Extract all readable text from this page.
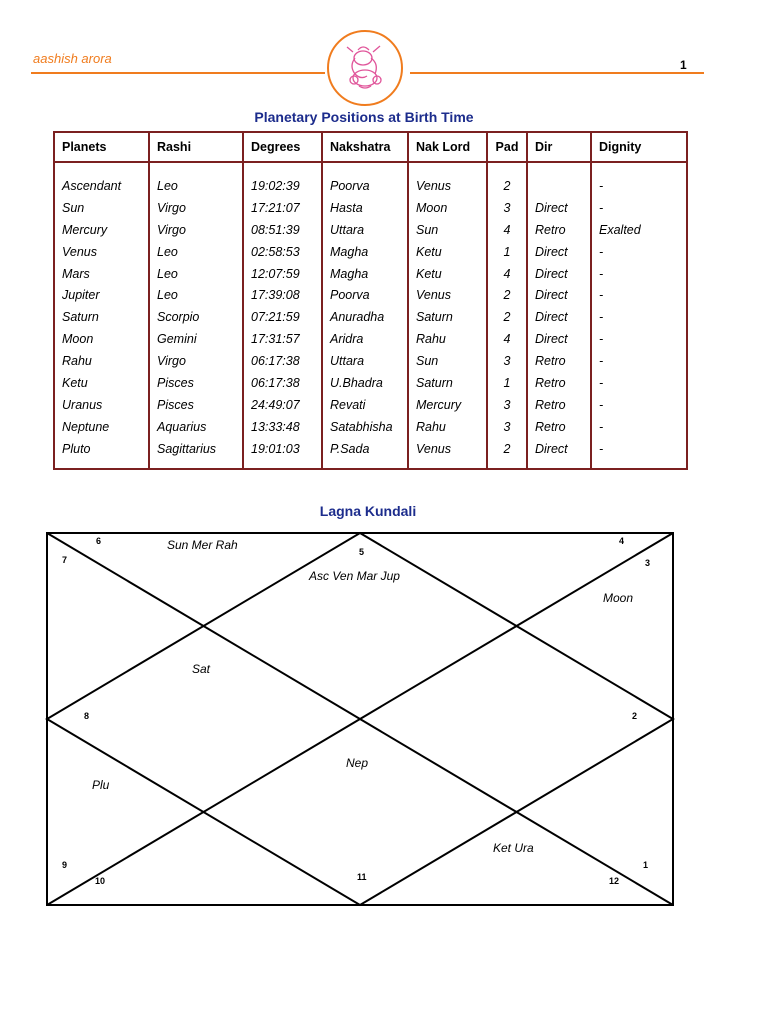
aashish arora	1
Planetary Positions at Birth Time
Planets	Rashi	Degrees	Nakshatra	Nak Lord	Pad	Dir	Dignity
Ascendant	Leo	19:02:39	Poorva	Venus	2		-
Sun	Virgo	17:21:07	Hasta	Moon	3	Direct	-
Mercury	Virgo	08:51:39	Uttara	Sun	4	Retro	Exalted
Venus	Leo	02:58:53	Magha	Ketu	1	Direct	-
Mars	Leo	12:07:59	Magha	Ketu	4	Direct	-
Jupiter	Leo	17:39:08	Poorva	Venus	2	Direct	-
Saturn	Scorpio	07:21:59	Anuradha	Saturn	2	Direct	-
Moon	Gemini	17:31:57	Aridra	Rahu	4	Direct	-
Rahu	Virgo	06:17:38	Uttara	Sun	3	Retro	-
Ketu	Pisces	06:17:38	U.Bhadra	Saturn	1	Retro	-
Uranus	Pisces	24:49:07	Revati	Mercury	3	Retro	-
Neptune	Aquarius	13:33:48	Satabhisha	Rahu	3	Retro	-
Pluto	Sagittarius	19:01:03	P.Sada	Venus	2	Direct	-
Lagna Kundali
5
6
7
4
3
8	2
9
10	11	12
1
Asc Ven Mar Jup
Sun Mer Rah
Moon
Sat
Nep
Plu
Ket Ura
